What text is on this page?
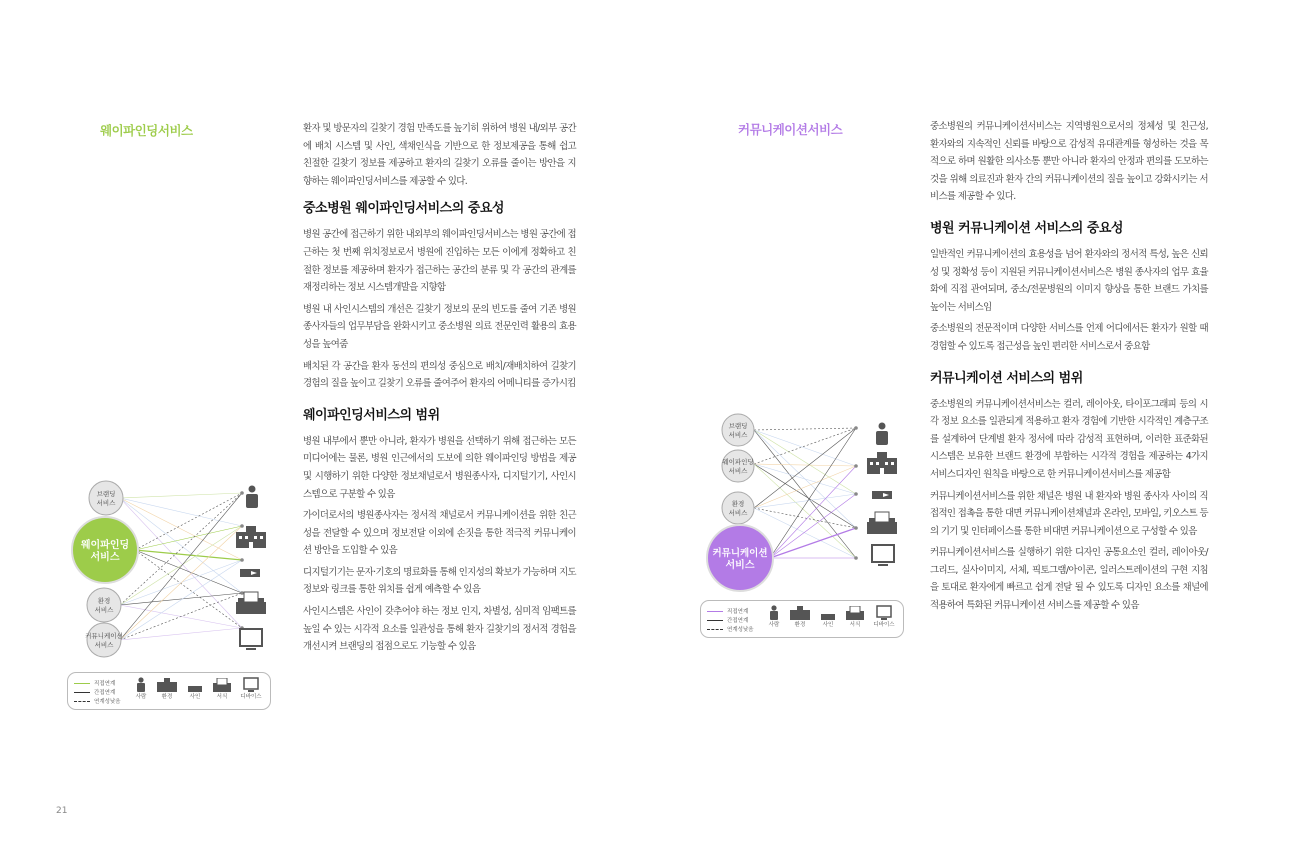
웨이파인딩서비스	환자 및 방문자의 길찾기 경험 만족도를 높기히 위하여 병원 내/외부 공간에 배치 시스템 및 사인, 색채인식을 기반으로 한 정보제공을 통해 쉽고 친절한 길찾기 정보를 제공하고 환자의 길찾기 오류를 줄이는 방안을 지향하는 웨이파인딩서비스를 제공할 수 있다.

중소병원 웨이파인딩서비스의 중요성

병원 공간에 접근하기 위한 내외부의 웨이파인딩서비스는 병원 공간에 접근하는 첫 번째 위치정보로서 병원에 진입하는 모든 이에게 정확하고 친절한 정보를 제공하며 환자가 접근하는 공간의 분류 및 각 공간의 관계를 재정리하는 정보 시스템개발을 지향함

병원 내 사인시스템의 개선은 길찾기 정보의 문의 빈도를 줄여 기존 병원 종사자들의 업무부담을 완화시키고 중소병원 의료 전문인력 활용의 효용성을 높여줌

배치된 각 공간을 환자 동선의 편의성 중심으로 배치/재배치하여 길찾기 경험의 질을 높이고 길찾기 오류를 줄여주어 환자의 어메니티를 증가시킴

웨이파인딩서비스의 범위

병원 내부에서 뿐만 아니라, 환자가 병원을 선택하기 위해 접근하는 모든 미디어에는 물론, 병원 인근에서의 도보에 의한 웨이파인딩 방법을 제공 및 시행하기 위한 다양한 정보채널로서 병원종사자, 디지털기기, 사인시스템으로 구분할 수 있음

가이더로서의 병원종사자는 정서적 채널로서 커뮤니케이션을 위한 친근성을 전달할 수 있으며 정보전달 이외에 손짓을 통한 적극적 커뮤니케이션 방안을 도입할 수 있음

디지털기기는 문자·기호의 명료화를 통해 인지성의 확보가 가능하며 지도정보와 링크를 통한 위치를 쉽게 예측할 수 있음

사인시스템은 사인이 갖추어야 하는 정보 인지, 차별성, 심미적 임팩트를 높일 수 있는 시각적 요소를 일관성을 통해 환자 길찾기의 정서적 경험을 개선시켜 브랜딩의 접점으로도 기능할 수 있음

브랜딩
서비스
웨이파인딩
서비스
환경
서비스
커뮤니케이션
서비스
직접연계
간접연계
연계성낮음
사람	환경	사인	서식	디바이스
21
커뮤니케이션서비스	중소병원의 커뮤니케이션서비스는 지역병원으로서의 정체성 및 친근성, 환자와의 지속적인 신뢰를 바탕으로 감성적 유대관계를 형성하는 것을 목적으로 하며 원활한 의사소통 뿐만 아니라 환자의 안정과 편의를 도모하는 것을 위해 의료진과 환자 간의 커뮤니케이션의 질을 높이고 강화시키는 서비스를 제공할 수 있다.

병원 커뮤니케이션 서비스의 중요성

일반적인 커뮤니케이션의 효용성을 넘어 환자와의 정서적 특성, 높은 신뢰성 및 정확성 등이 지원된 커뮤니케이션서비스은 병원 종사자의 업무 효율화에 직접 관여되며, 중소/전문병원의 이미지 향상을 통한 브랜드 가치를 높이는 서비스임

중소병원의 전문적이며 다양한 서비스를 언제 어디에서든 환자가 원할 때 경험할 수 있도록 접근성을 높인 편리한 서비스로서 중요함

커뮤니케이션 서비스의 범위

중소병원의 커뮤니케이션서비스는 컬러, 레이아웃, 타이포그래피 등의 시각 정보 요소를 일관되게 적용하고 환자 경험에 기반한 시각적인 계층구조를 설계하여 단계별 환자 정서에 따라 감성적 표현하며, 이러한 표준화된 시스템은 보유한 브랜드 환경에 부합하는 시각적 경험을 제공하는 4가지 서비스디자인 원칙을 바탕으로 한 커뮤니케이션서비스를 제공함

커뮤니케이션서비스를 위한 채널은 병원 내 환자와 병원 종사자 사이의 직접적인 접촉을 통한 대면 커뮤니케이션채널과 온라인, 모바일, 키오스트 등의 기기 및 인터페이스를 통한 비대면 커뮤니케이션으로 구성할 수 있음

커뮤니케이션서비스를 실행하기 위한 디자인 공통요소인 컬러, 레이아웃/그리드, 실사이미지, 서체, 픽토그램/아이콘, 일러스트레이션의 구현 지침을 토대로 환자에게 빠르고 쉽게 전달 될 수 있도록 디자인 요소를 채널에 적용하여 특화된 커뮤니케이션 서비스를 제공할 수 있음

브랜딩
서비스
웨이파인딩
서비스
환경
서비스
커뮤니케이션
서비스
직접연계
간접연계
연계성낮음
사람	환경	사인	서식	디바이스
